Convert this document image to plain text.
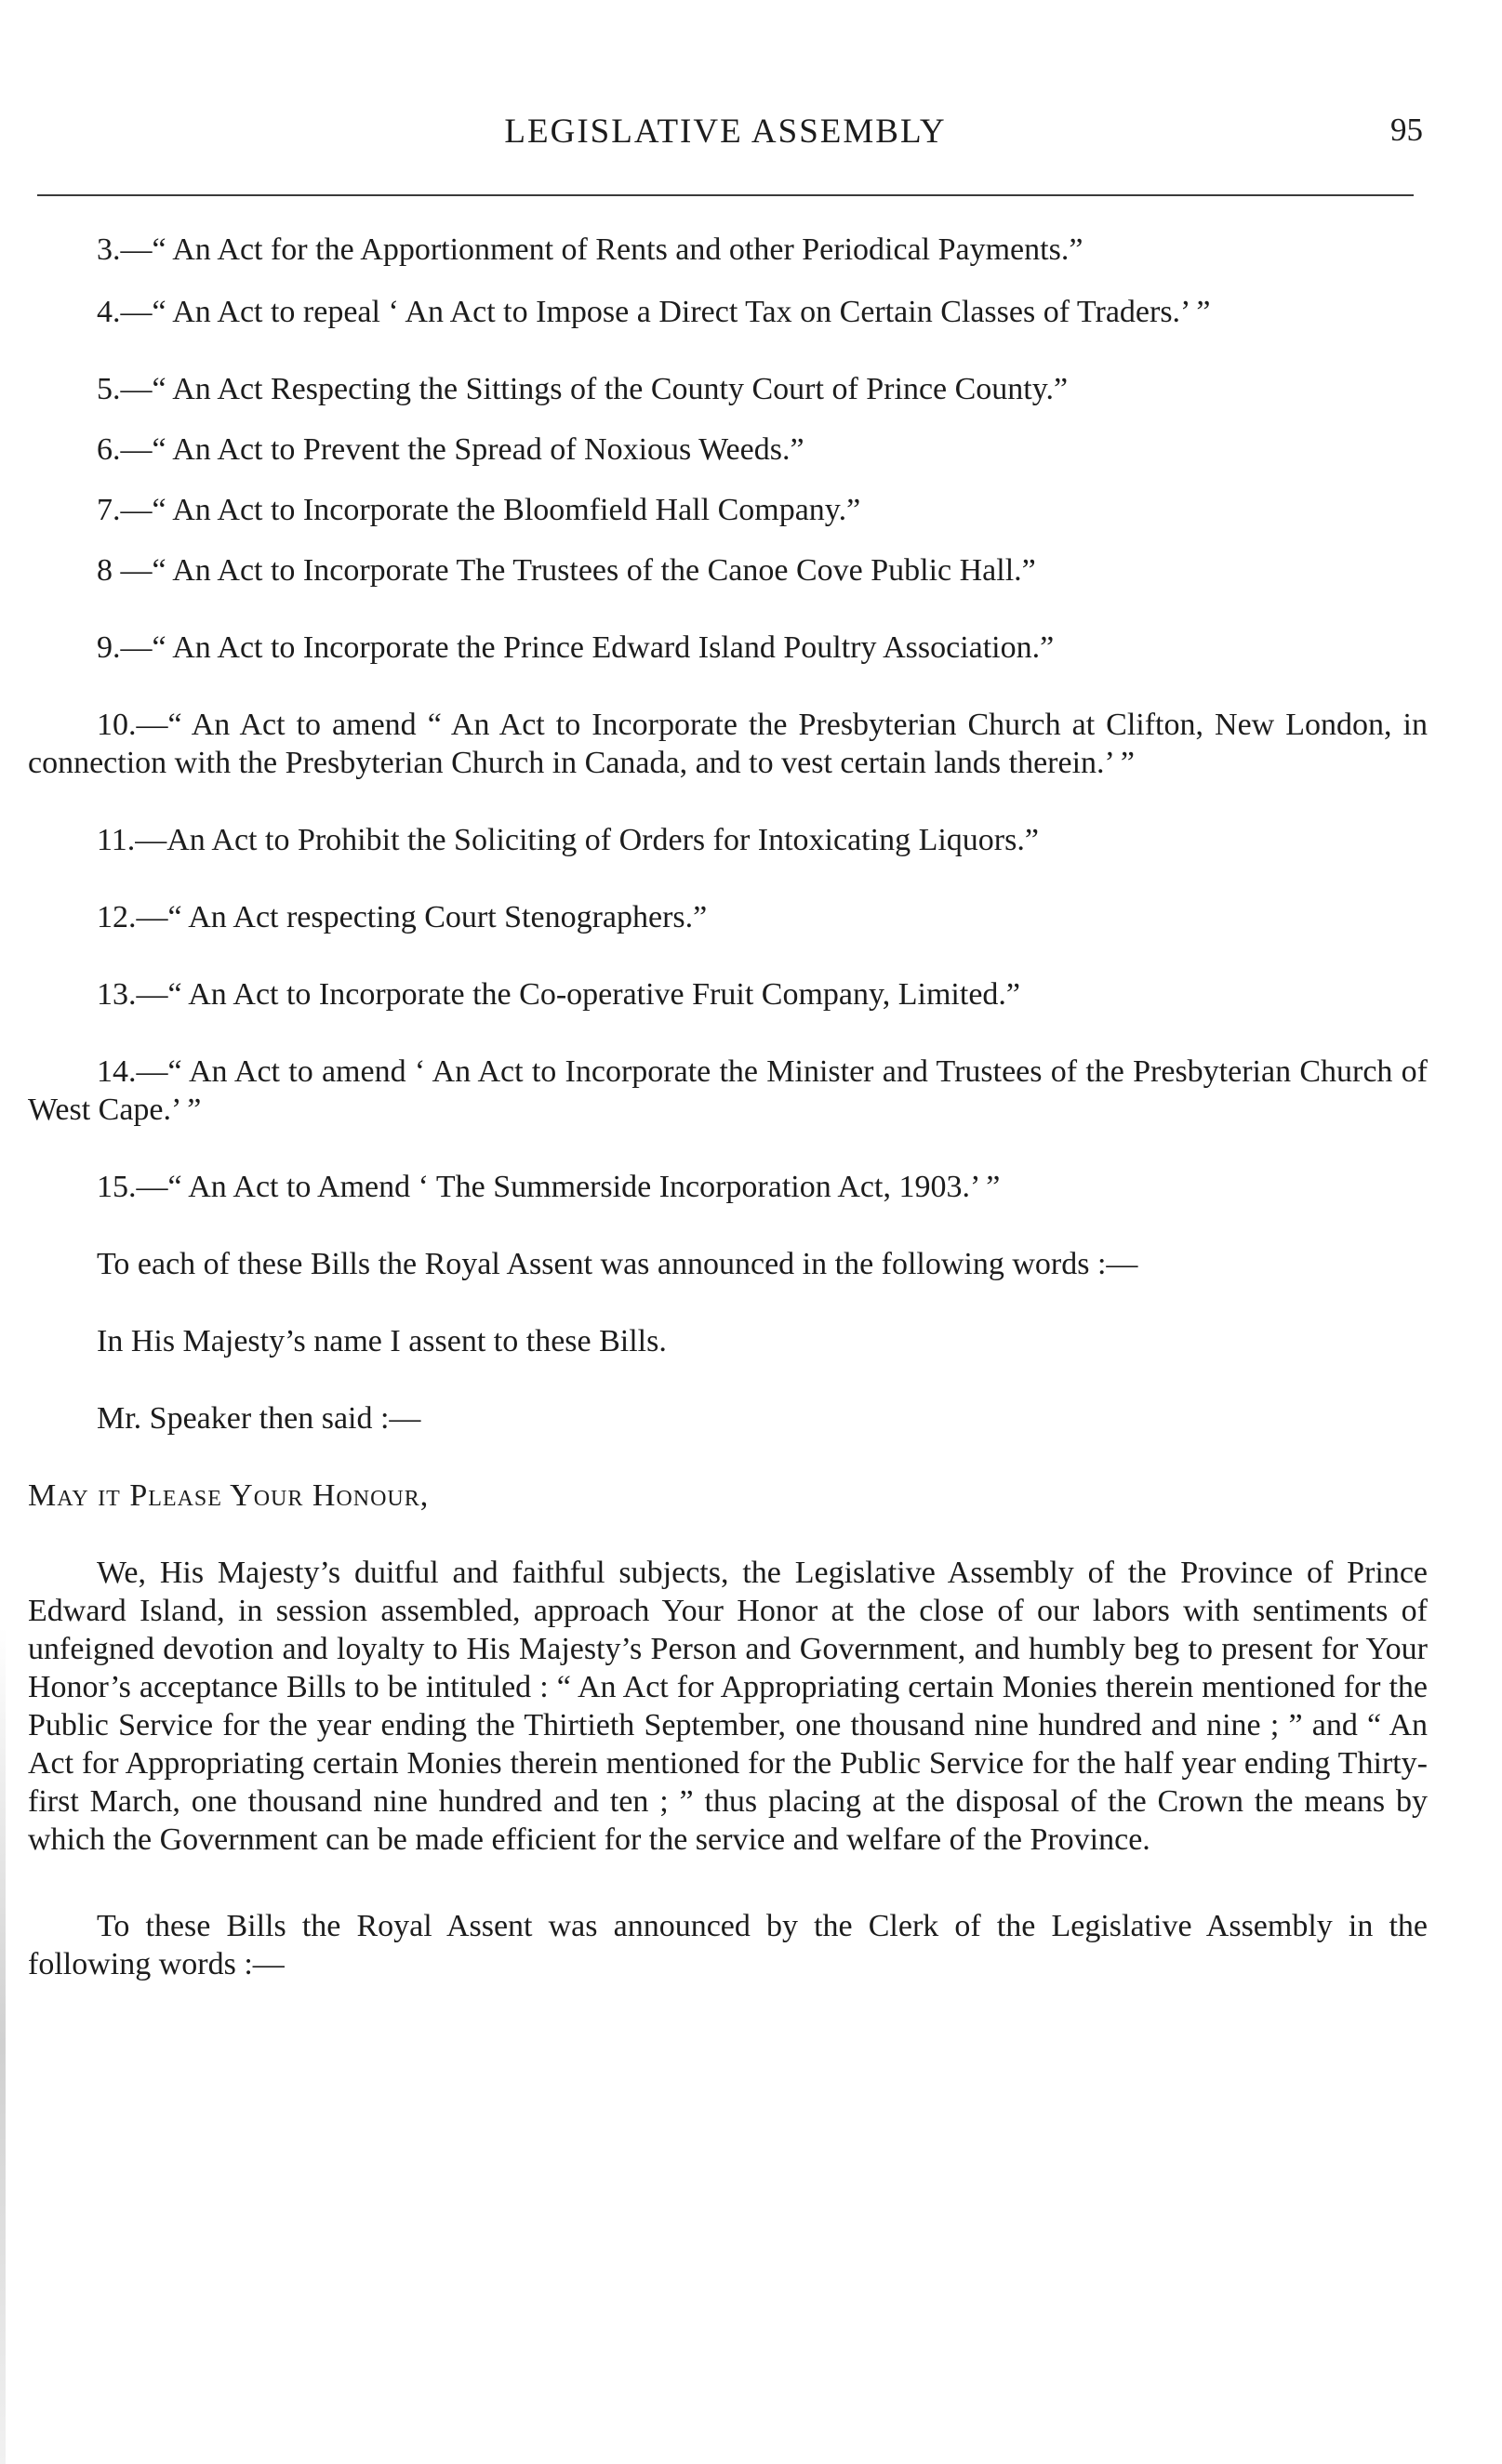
LEGISLATIVE ASSEMBLY	95

3.—“ An Act for the Apportionment of Rents and other Periodical Payments.”

4.—“ An Act to repeal ‘ An Act to Impose a Direct Tax on Certain Classes of Traders.’ ”

5.—“ An Act Respecting the Sittings of the County Court of Prince County.”

6.—“ An Act to Prevent the Spread of Noxious Weeds.”

7.—“ An Act to Incorporate the Bloomfield Hall Company.”

8 —“ An Act to Incorporate The Trustees of the Canoe Cove Public Hall.”

9.—“ An Act to Incorporate the Prince Edward Island Poultry Association.”

10.—“ An Act to amend “ An Act to Incorporate the Presbyterian Church at Clifton, New London, in connection with the Presbyterian Church in Canada, and to vest certain lands therein.’ ”

11.—An Act to Prohibit the Soliciting of Orders for Intoxicating Liquors.”

12.—“ An Act respecting Court Stenographers.”

13.—“ An Act to Incorporate the Co-operative Fruit Company, Limited.”

14.—“ An Act to amend ‘ An Act to Incorporate the Minister and Trustees of the Presbyterian Church of West Cape.’ ”

15.—“ An Act to Amend ‘ The Summerside Incorporation Act, 1903.’ ”

To each of these Bills the Royal Assent was announced in the following words :—

In His Majesty’s name I assent to these Bills.

Mr. Speaker then said :—

May it Please Your Honour,

We, His Majesty’s duitful and faithful subjects, the Legislative Assembly of the Province of Prince Edward Island, in session assembled, approach Your Honor at the close of our labors with sentiments of unfeigned devotion and loyalty to His Majesty’s Person and Government, and humbly beg to present for Your Honor’s acceptance Bills to be intituled : “ An Act for Appropriating certain Monies therein mentioned for the Public Service for the year ending the Thirtieth September, one thousand nine hundred and nine ; ” and “ An Act for Appropriating certain Monies therein mentioned for the Public Service for the half year ending Thirty-first March, one thousand nine hundred and ten ; ” thus placing at the disposal of the Crown the means by which the Government can be made efficient for the service and welfare of the Province.

To these Bills the Royal Assent was announced by the Clerk of the Legislative Assembly in the following words :—
